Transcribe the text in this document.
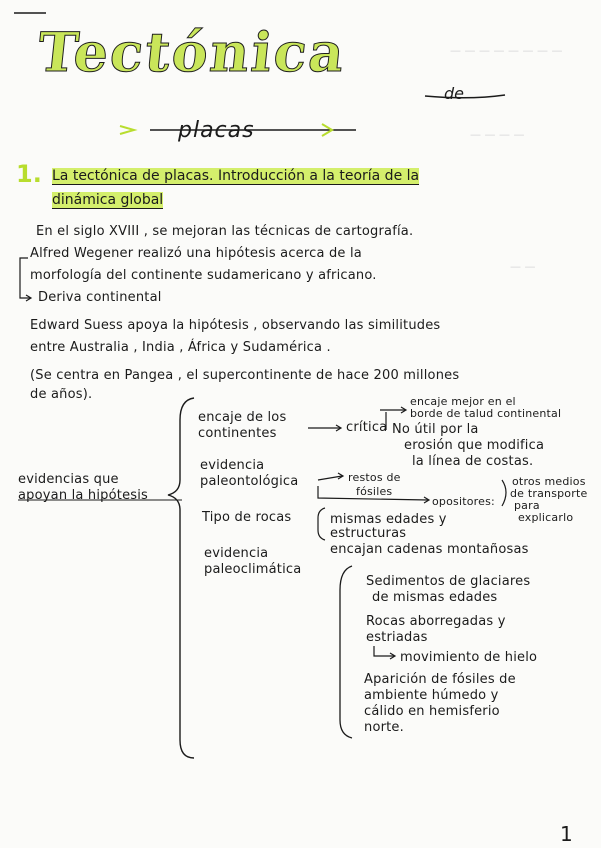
— — — — — — — —
— — — —
— —
Tectónica
de
placas
1. La tectónica de placas. Introducción a la teoría de la
dinámica global
En el siglo XVIII , se mejoran las técnicas de cartografía.
Alfred Wegener realizó una hipótesis acerca de la
morfología del continente sudamericano y africano.
Deriva continental
Edward Suess apoya la hipótesis , observando las similitudes
entre Australia , India , África y Sudamérica .
(Se centra en Pangea , el supercontinente de hace 200 millones
de años).
evidencias que
apoyan la hipótesis
encaje de los
continentes	crítica
encaje mejor en el
borde de talud continental
No útil por la
erosión que modifica
la línea de costas.
evidencia
paleontológica	restos de
fósiles
opositores:
otros medios
de transporte
para
explicarlo
Tipo de rocas	mismas edades y
estructuras
encajan cadenas montañosas
evidencia
paleoclimática
Sedimentos de glaciares
de mismas edades
Rocas aborregadas y
estriadas
movimiento de hielo
Aparición de fósiles de
ambiente húmedo y
cálido en hemisferio
norte.
1
